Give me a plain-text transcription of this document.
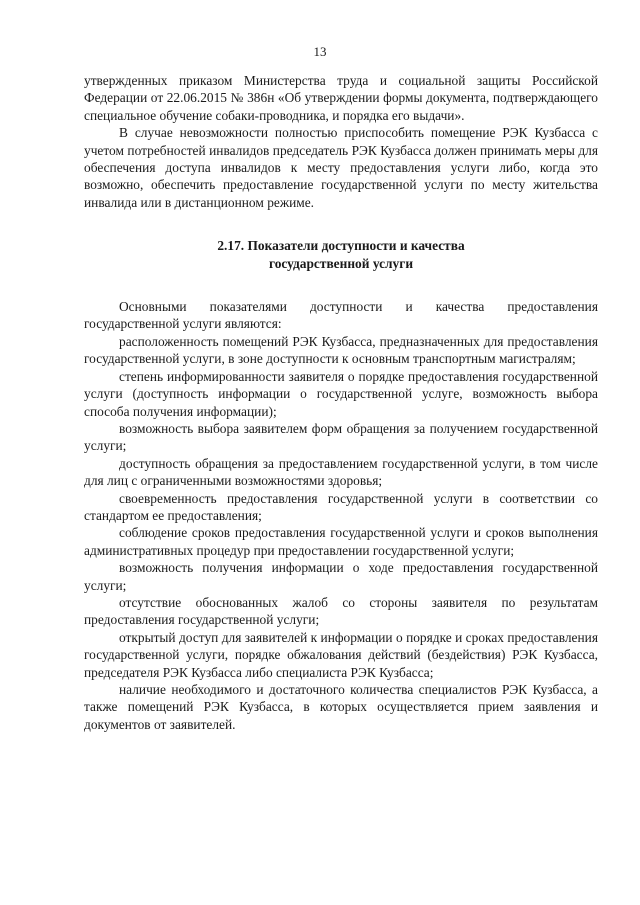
13

утвержденных приказом Министерства труда и социальной защиты Российской Федерации от 22.06.2015 № 386н «Об утверждении формы документа, подтверждающего специальное обучение собаки-проводника, и порядка его выдачи».

В случае невозможности полностью приспособить помещение РЭК Кузбасса с учетом потребностей инвалидов председатель РЭК Кузбасса должен принимать меры для обеспечения доступа инвалидов к месту предоставления услуги либо, когда это возможно, обеспечить предоставление государственной услуги по месту жительства инвалида или в дистанционном режиме.

2.17. Показатели доступности и качества
государственной услуги

Основными показателями доступности и качества предоставления государственной услуги являются:

расположенность помещений РЭК Кузбасса, предназначенных для предоставления государственной услуги, в зоне доступности к основным транспортным магистралям;

степень информированности заявителя о порядке предоставления государственной услуги (доступность информации о государственной услуге, возможность выбора способа получения информации);

возможность выбора заявителем форм обращения за получением государственной услуги;

доступность обращения за предоставлением государственной услуги, в том числе для лиц с ограниченными возможностями здоровья;

своевременность предоставления государственной услуги в соответствии со стандартом ее предоставления;

соблюдение сроков предоставления государственной услуги и сроков выполнения административных процедур при предоставлении государственной услуги;

возможность получения информации о ходе предоставления государственной услуги;

отсутствие обоснованных жалоб со стороны заявителя по результатам предоставления государственной услуги;

открытый доступ для заявителей к информации о порядке и сроках предоставления государственной услуги, порядке обжалования действий (бездействия) РЭК Кузбасса, председателя РЭК Кузбасса либо специалиста РЭК Кузбасса;

наличие необходимого и достаточного количества специалистов РЭК Кузбасса, а также помещений РЭК Кузбасса, в которых осуществляется прием заявления и документов от заявителей.
